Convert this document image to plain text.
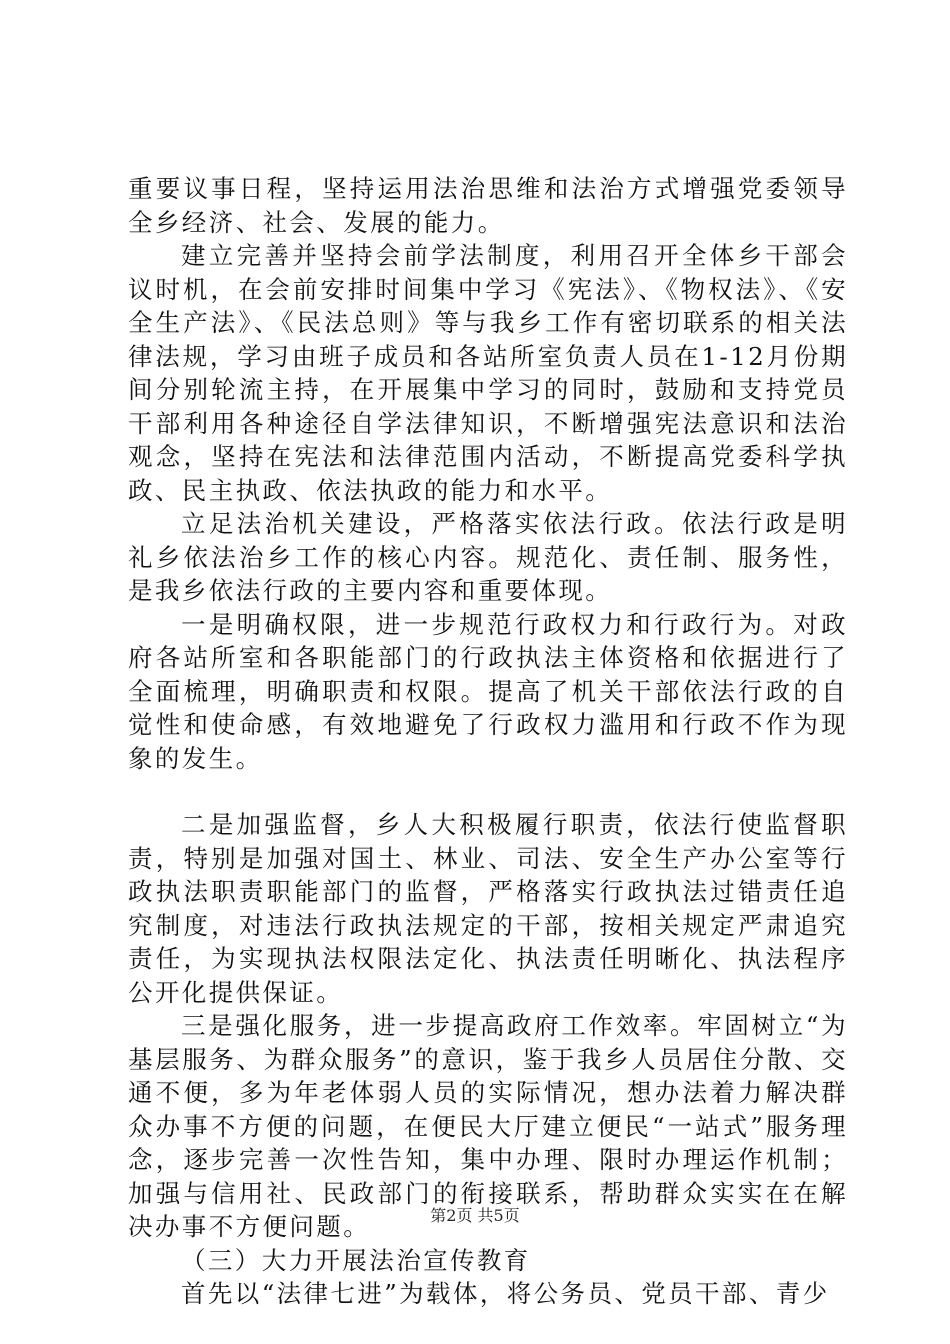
重要议事日程，坚持运用法治思维和法治方式增强党委领导全乡经济、社会、发展的能力。

建立完善并坚持会前学法制度，利用召开全体乡干部会议时机，在会前安排时间集中学习《宪法》、《物权法》、《安全生产法》、《民法总则》等与我乡工作有密切联系的相关法律法规，学习由班子成员和各站所室负责人员在1-12月份期间分别轮流主持，在开展集中学习的同时，鼓励和支持党员干部利用各种途径自学法律知识，不断增强宪法意识和法治观念，坚持在宪法和法律范围内活动，不断提高党委科学执政、民主执政、依法执政的能力和水平。

立足法治机关建设，严格落实依法行政。依法行政是明礼乡依法治乡工作的核心内容。规范化、责任制、服务性，是我乡依法行政的主要内容和重要体现。

一是明确权限，进一步规范行政权力和行政行为。对政府各站所室和各职能部门的行政执法主体资格和依据进行了全面梳理，明确职责和权限。提高了机关干部依法行政的自觉性和使命感，有效地避免了行政权力滥用和行政不作为现象的发生。

二是加强监督，乡人大积极履行职责，依法行使监督职责，特别是加强对国土、林业、司法、安全生产办公室等行政执法职责职能部门的监督，严格落实行政执法过错责任追究制度，对违法行政执法规定的干部，按相关规定严肃追究责任，为实现执法权限法定化、执法责任明晰化、执法程序公开化提供保证。

三是强化服务，进一步提高政府工作效率。牢固树立“为基层服务、为群众服务”的意识，鉴于我乡人员居住分散、交通不便，多为年老体弱人员的实际情况，想办法着力解决群众办事不方便的问题，在便民大厅建立便民“一站式”服务理念，逐步完善一次性告知，集中办理、限时办理运作机制；加强与信用社、民政部门的衔接联系，帮助群众实实在在解决办事不方便问题。

（三）大力开展法治宣传教育

首先以“法律七进”为载体，将公务员、党员干部、青少

第2页 共5页
